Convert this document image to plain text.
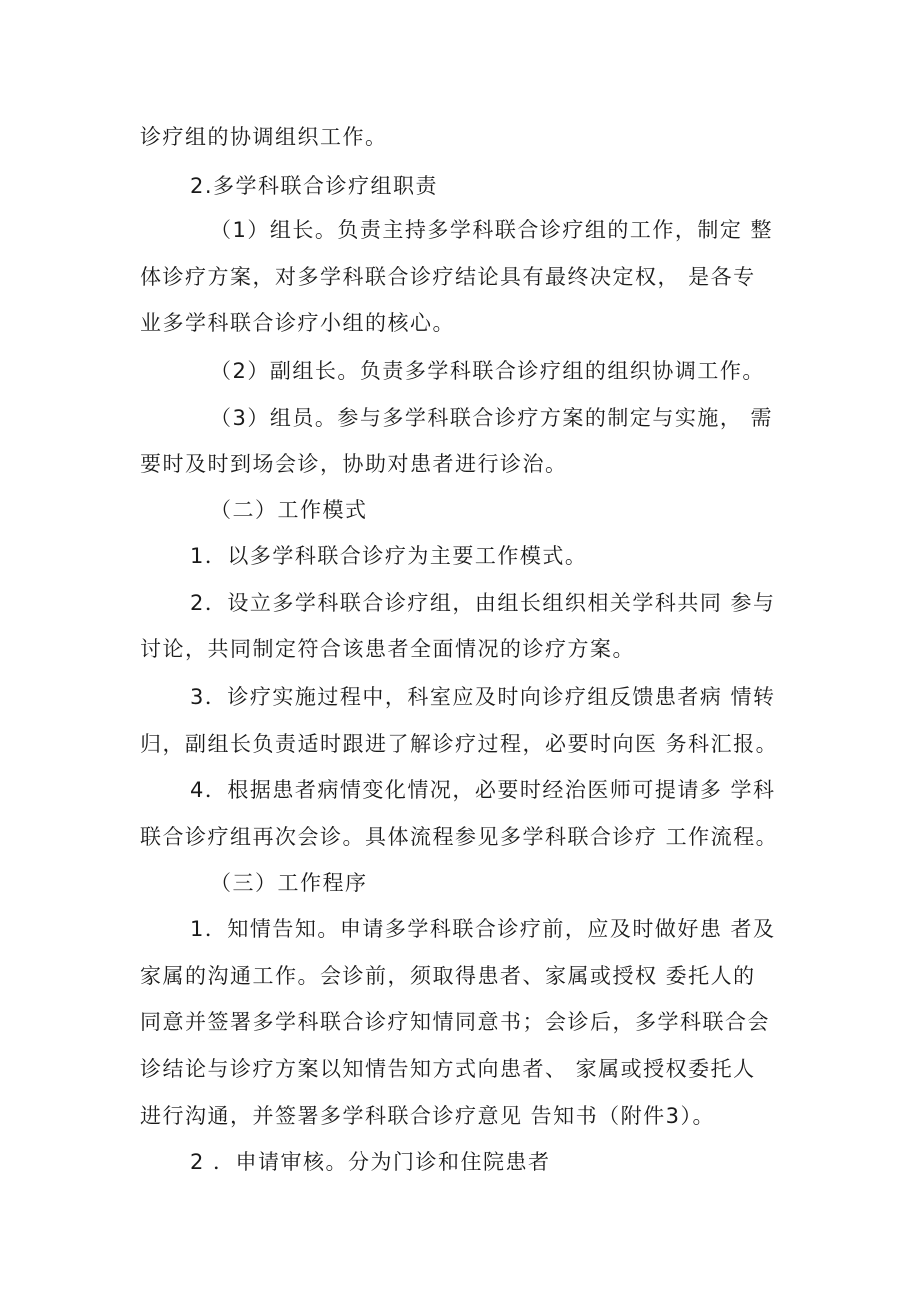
诊疗组的协调组织工作。
2.多学科联合诊疗组职责
（1）组长。负责主持多学科联合诊疗组的工作，制定 整
体诊疗方案，对多学科联合诊疗结论具有最终决定权， 是各专
业多学科联合诊疗小组的核心。
（2）副组长。负责多学科联合诊疗组的组织协调工作。
（3）组员。参与多学科联合诊疗方案的制定与实施， 需
要时及时到场会诊，协助对患者进行诊治。
（二）工作模式
1．以多学科联合诊疗为主要工作模式。
2．设立多学科联合诊疗组，由组长组织相关学科共同 参与
讨论，共同制定符合该患者全面情况的诊疗方案。
3．诊疗实施过程中，科室应及时向诊疗组反馈患者病 情转
归，副组长负责适时跟进了解诊疗过程，必要时向医 务科汇报。
4．根据患者病情变化情况，必要时经治医师可提请多 学科
联合诊疗组再次会诊。具体流程参见多学科联合诊疗 工作流程。
（三）工作程序
1．知情告知。申请多学科联合诊疗前，应及时做好患 者及
家属的沟通工作。会诊前，须取得患者、家属或授权 委托人的
同意并签署多学科联合诊疗知情同意书；会诊后，多学科联合会
诊结论与诊疗方案以知情告知方式向患者、 家属或授权委托人
进行沟通，并签署多学科联合诊疗意见 告知书（附件3）。
2 ．申请审核。分为门诊和住院患者
